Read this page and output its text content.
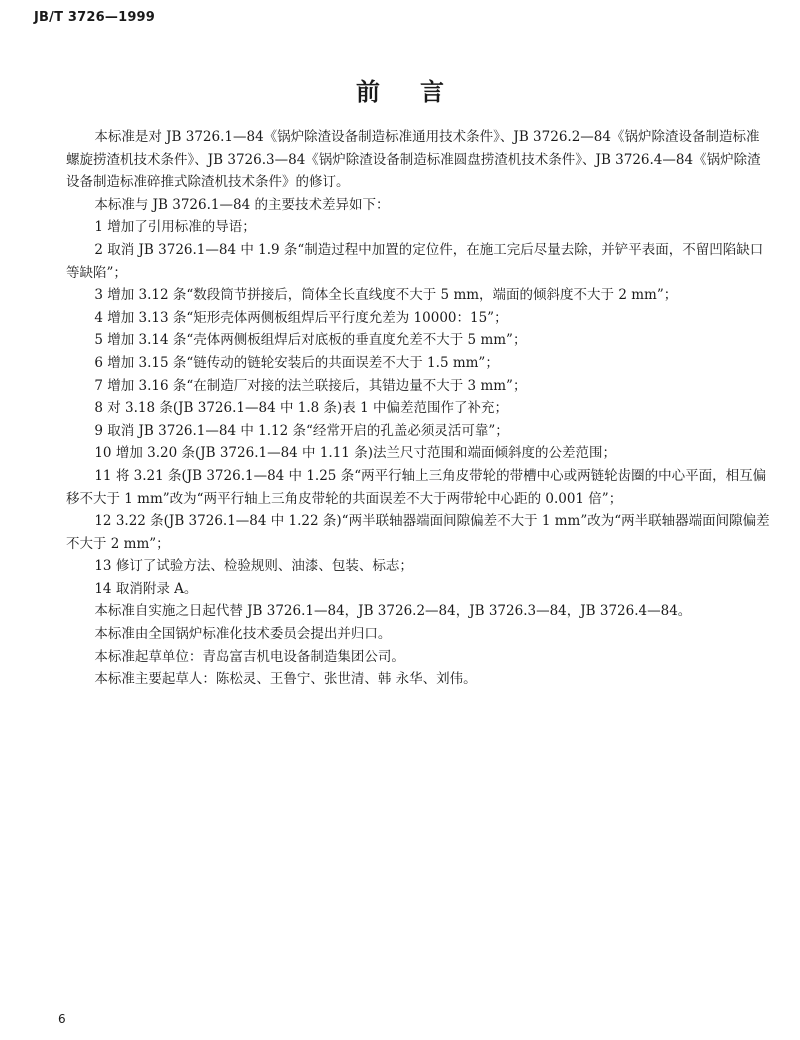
JB/T 3726—1999
前言

本标准是对 JB 3726.1—84《锅炉除渣设备制造标准通用技术条件》、JB 3726.2—84《锅炉除渣设备制造标准螺旋捞渣机技术条件》、JB 3726.3—84《锅炉除渣设备制造标准圆盘捞渣机技术条件》、JB 3726.4—84《锅炉除渣设备制造标准碎推式除渣机技术条件》的修订。

本标准与 JB 3726.1—84 的主要技术差异如下：

1 增加了引用标准的导语；

2 取消 JB 3726.1—84 中 1.9 条“制造过程中加置的定位件，在施工完后尽量去除，并铲平表面，不留凹陷缺口等缺陷”；

3 增加 3.12 条“数段筒节拼接后，筒体全长直线度不大于 5 mm，端面的倾斜度不大于 2 mm”；

4 增加 3.13 条“矩形壳体两侧板组焊后平行度允差为 10000：15”；

5 增加 3.14 条“壳体两侧板组焊后对底板的垂直度允差不大于 5 mm”；

6 增加 3.15 条“链传动的链轮安装后的共面误差不大于 1.5 mm”；

7 增加 3.16 条“在制造厂对接的法兰联接后，其错边量不大于 3 mm”；

8 对 3.18 条(JB 3726.1—84 中 1.8 条)表 1 中偏差范围作了补充；

9 取消 JB 3726.1—84 中 1.12 条“经常开启的孔盖必须灵活可靠”；

10 增加 3.20 条(JB 3726.1—84 中 1.11 条)法兰尺寸范围和端面倾斜度的公差范围；

11 将 3.21 条(JB 3726.1—84 中 1.25 条“两平行轴上三角皮带轮的带槽中心或两链轮齿圈的中心平面，相互偏移不大于 1 mm”改为“两平行轴上三角皮带轮的共面误差不大于两带轮中心距的 0.001 倍”；

12 3.22 条(JB 3726.1—84 中 1.22 条)“两半联轴器端面间隙偏差不大于 1 mm”改为“两半联轴器端面间隙偏差不大于 2 mm”；

13 修订了试验方法、检验规则、油漆、包装、标志；

14 取消附录 A。

本标准自实施之日起代替 JB 3726.1—84，JB 3726.2—84，JB 3726.3—84，JB 3726.4—84。

本标准由全国锅炉标准化技术委员会提出并归口。

本标准起草单位：青岛富吉机电设备制造集团公司。

本标准主要起草人：陈松灵、王鲁宁、张世清、韩 永华、刘伟。

6
